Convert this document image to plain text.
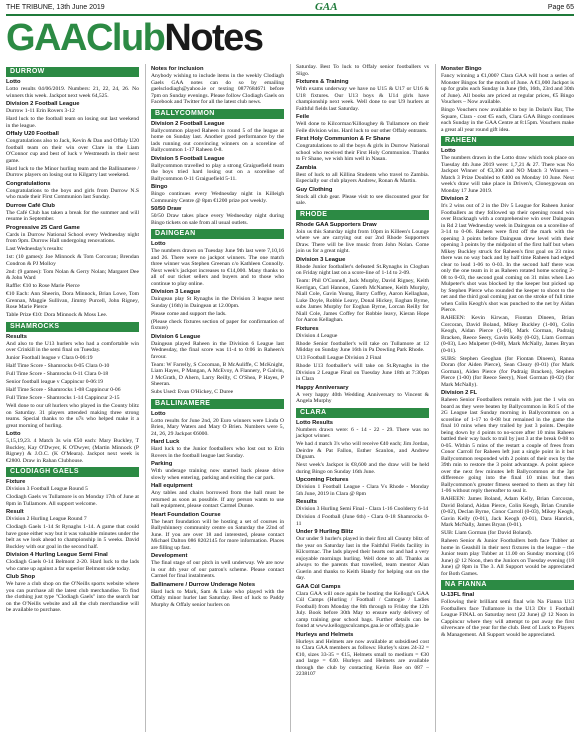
THE TRIBUNE, 13th June 2019	GAA	Page 65
GAAClub Notes
DURROW
Lotto

Lotto results 04/06/2019. Numbers: 21, 22, 24, 26. No winners this week. Jackpot next week 64,525.

Division 2 Football League

Durrow 1-11 Erin Rovers 3-12

Hard luck to the football team on losing out last weekend in the league.

Offaly U20 Football

Congratulations also to Jack, Kevin & Dan and Offaly U20 football team on their win over Clare in the Liam O'Connor cup and best of luck v Westmeath in their next game.

Hard luck to the Minor hurling team and the Ballinamere / Durrow players on losing out to Kilgarry last weekend.

Congratulations

Congratulations to the boys and girls from Durrow N.S who made their First Communion last Sunday.

Durrow Café Club

The Café Club has taken a break for the summer and will resume in September.

Progressive 25 Card Game

Cards in Durrow National School every Wednesday night from 9pm. Durrow Hall undergoing renovations.

Last Wednesday's results:

1st: (10 games): Joe Minnock & Tom Corcoran; Brendan Condron & PJ Molloy

2nd: (9 games): Tom Nolan & Gerry Nolan; Margaret Dee & John Ward

Raffle: €10 to Rose Marie Pierce

€10 Each: Ann Sheerin, Dora Minnock, Brian Lowe, Tom Grennan, Maggie Sullivan, Jimmy Purcell, John Rigney, Rose Marie Pierce

Table Prize €10: Dora Minnock & Moss Lee.

SHAMROCKS
Results

And also to the U13 hurlers who had a comfortable win over Crinkill in the semi final on Tuesday.

Junior Football league v Clara 0-06:19

Half Time Score - Shamrocks 0-05 Clara 0-10

Full Time Score - Shamrocks 0-11 Clara 0-18

Senior football league v Cappincur 0-06:19

Half Time Score - Shamrocks 1-08 Cappincur 0-06

Full Time Score - Shamrocks 1-14 Cappincur 2-15

Well done to our u8 hurlers who played in the County blitz on Saturday. 31 players attended making three strong teams. Special thanks to the u7s who helped make it a great morning of hurling.

Lotto

5,15,19,23. 4 Match 3s win €50 each: Mary Buckley, T Buckley, Kay O'Dwyer, K O'Dwyer, (Martin Minnock (P Rigney) & J.O.C. (K O'Meara). Jackpot next week is €2800. Draw in Rahan Clubhouse.

CLODIAGH GAELS
Fixture

Division 3 Football League Round 5

Clodiagh Gaels vs Tullamore is on Monday 17th of June at 8pm in Tullamore. All support welcome.

Result

Division 2 Hurling League Round 7

Clodiagh Gaels 1-14 St Rynaghs 1-14. A game that could have gone either way but it was valuable minutes under the belt as we look ahead to championship in 5 weeks. David Buckley with our goal in the second half.

Division 4 Hurling League Semi Final

Clodiagh Gaels 0-14 Belmont 2-20. Hard luck to the lads who came up against a far superior Belmont side today.

Club Shop

We have a club shop on the O'Neills sports website where you can purchase all the latest club merchandise. To find the clothing just type "Clodiagh Gaels" into the search bar on the O'Neills website and all the club merchandise will be available to purchase.

Notes for inclusion

Anybody wishing to include items in the weekly Clodiagh Gaels GAA notes can do so by emailing gaelsclodiagh@yahoo.ie or texting 0877684671 before 7pm on Sunday evenings. Please follow Clodiagh Gaels on Facebook and Twitter for all the latest club news.

BALLYCOMMON
Division 2 Football League

Ballycommon played Raheen in round 5 of the league at home on Sunday last. Another good performance by the lads running out convincing winners on a scoreline of Ballycommon 1-17 Raheen 0-8.

Division 5 Football League

Ballycommon travelled to play a strong Graiguefield team the boys tried hard losing out on a scoreline of Ballycommon 0-11 Graiguefield 5-11.

Bingo

Bingo continues every Wednesday night in Killeigh Community Centre @ 8pm €1200 prize pot weekly.

50/50 Draw

50/50 Draw takes place every Wednesday night during Bingo tickets on sale from all usual outlets.

DAINGEAN
Lotto

The numbers drawn on Tuesday June 9th last were 7,10,16 and 26. There were no jackpot winners. The one match three winner was Stephen Greenan c/o Kathleen Connolly. Next week's jackpot increases to €14,000. Many thanks to all of our ticket sellers and buyers and to those who continue to play online.

Division 3 League

Daingean play St Rynaghs in the Division 3 league next Sunday (16th) in Daingean at 12.00pm.

Please come and support the lads.

(Please check fixtures section of paper for confirmation of fixture)

Division 6 League

Daingean played Raheen in the Division 6 League last Wednesday, the final score was 11-4 to 0:06 in Raheen's favour.

Team: W Farrelly, S Cocoman, B McAuliffe, C McKnight, Liam Hayes, P Mangan, A McEvoy, A Flannery, P Galvin, J McGrath, D Ahern, Larry Reilly, C O'Shea, P Hayes, P Sheeran.

Subs Used: Evan O'Hickey, C Duree

BALLINAMERE
Lotto

Lotto results for June 2nd, 20 Euro winners were Linda O Brien, Mary Waters and Mary O Brien. Numbers were 5, 24, 26, 29 Jackpot €6000.

Hard Luck

Hard luck to the Junior footballers who lost out to Erin Rovers in the football league last Sunday.

Parking

With underage training now started back please drive slowly when entering, parking and exiting the car park.

Hall equipment

Any tables and chairs borrowed from the hall must be returned as soon as possible. If any person wants to use hall equipment, please contact Carmel Dunne.

Heart Foundation Course

The heart foundation will be hosting a set of courses in Ballyshinnery community centre on Saturday the 22nd of June. If you are over 18 and interested, please contact Michael Dalton 086 8202145 for more information. Places are filling up fast.

Development

The final stage of our pitch in well underway. We are now in our 4th year of our patron's scheme. Please contact Carmel for final instalments.

Ballinamere / Durrow Underage Notes

Hard luck to Mark, Sam & Luke who played with the Offaly minor hurler last Saturday. Best of luck to Paddy Murphy & Offaly senior hurlers on

Saturday. Best To luck to Offaly senior footballers vs Sligo.

Fixtures & Training

With exams underway we have no U15 & U17 or U16 & U18 fixtures. Our U13 boys & U14 girls have championship next week. Well done to our U9 hurlers at Faithful fields last Saturday.

Feile

Well done to Kilcormac/Killoughey & Tullamore on their Feile division wins. Hard luck to our other Offaly entrants.

First Holy Communion & Fr Shane

Congratulations to all the boys & girls in Durrow National school who received their First Holy Communion. Thanks to Fr Shane, we wish him well in Nasan.

Zambia

Best of luck to all Killina Students who travel to Zambia. Especially our club players Andrew, Ronan & Martin.

Guy Clothing

Stock all club gear. Please visit to see discounted gear for sale.

RHODE
Rhode GAA Supporters Draw

Join us this Saturday night from 10pm in Killeen's Lounge where we are carrying out our 2nd Rhode Supporters Draw. There will be live music from John Nolan. Come join us for a great night.

Division 3 League

Rhode Junior footballer's defeated St.Rynaghs in Cloghan on Friday night last on a score-line of 1-14 to 2-09.

Team: Phil O'Connell, Jack Murphy, David Rigney, Keith Kerrigan, Carl Hannon, Gareth McNamee, Keith Murphy, Niall Cole, Gavin Young, Barry Coffey, Aaron Kellaghan, Luke Doyle, Robbie Leavy, Donal Hickey, Eoghan Byrne, subs James Murphy for Eoghan Byrne, Lorcan Reilly for Niall Cole, James Coffey for Robbie leavy, Kieran Hope for Aaron Kellaghan.

Fixtures

Division 4 League

Rhode Senior footballer's will take on Tullamore at 12 Midday on Sunday June 16th in Pa Dowling Park Rhode.

U13 Football League Division 2 Final

Rhode U13 footballer's will take on St.Rynaghs in the Division 2 League Final on Tuesday June 18th at 7:30pm in Clara

Happy Anniversary

A very happy 40th Wedding Anniversary to Vincent & Angela Murphy

CLARA
Lotto Results

Numbers drawn were: 6 - 14 - 22 - 29. There was no jackpot winner.

We had 4 match 3's who will receive €40 each; Jim Jordan, Deirdre & Pat Fallon, Esther Scanlon, and Andrew Dignam.

Next week's Jackpot is €8,600 and the draw will be held during Bingo on Sunday 16th June.

Upcoming Fixtures

Division 1 Football League - Clara Vs Rhode - Monday 5th June, 2019 in Clara @ 8pm

Results

Division 3 Hurling Semi Final - Clara 1-16 Coolderry 6-14

Division 4 Football (June 6th) - Clara 0-18 Shamrocks 0-11

Under 9 Hurling Blitz

Our under 9 hurler's played in their first all County blitz of the year on Saturday last in the Faithful Fields facility in Kilcormac. The lads played their hearts out and had a very enjoyable mornings hurling. Well done to all. Thanks as always to the parents that travelled, team mentor Alan Guerin and thanks to Keith Handy for helping out on the day.

GAA Cúl Camps

Clara GAA will once again be hosting the Kellogg's GAA Cúl Camps (Hurling / Football / Camogie / Ladies Football) from Monday the 8th through to Friday the 12th July. Book before 30th May to ensure early delivery of camp training gear school bags. Further details can be found at www.kelloggsculcamps.gaa.ie or offaly.gaa.ie

Hurleys and Helmets

Hurleys and Helmets are now available at subsidised cost to Clara GAA members as follows: Hurley's sizes 24-32 = €10, sizes 33-35 = €15, Helmets small to medium = €30 and large = €40. Hurleys and Helmets are available through the club by contacting Kevin Roe on 087 – 2238107

Monster Bingo

Fancy winning a €1,000? Clara GAA will host a series of Monster Bingos for the month of June. A €1,000 Jackpot is up for grabs each Sunday in June (9th, 16th, 23rd and 30th of June). All books are priced at regular prices, €5 Bingo Vouchers – Now available.

Bingo Vouchers now available to buy in Dolan's Bar, The Square, Clara - cost €5 each, Clara GAA Bingo continues each Sunday in the GAA Centre at 8:15pm. Vouchers make a great all year round gift idea.

RAHEEN
Lotto

The numbers drawn in the Lotto draw which took place on Tuesday 4th June 2019 were: 1,7,21 & 27. There was No Jackpot Winner of €3,300 and NO Match 3 Winners – Match 3 Prize Doubled to €400 on Monday 10 June. Next week's draw will take place in Driven's, Cloneygowan on Monday 17 June 2019.

Division 2

It's 2 wins out of 2 in the Div 5 League for Raheen Junior Footballers as they followed up their opening round win over Bracknagh with a comprehensive win over Daingean in Rd 2 last Wednesday week in Daingean on a scoreline of 3-14 to 0-06. Raheen were first off the mark with the opening 3 points before Daingean drew level with their opening 3 points by the midpoint of the first half but when Mikey Buckley struck for Raheen's first goal on 23 mins there was no way back and by half time Raheen had edged clear to lead 1-06 to 0-03. In the second half there was only the one team in it as Raheen rotated home scoring 2-08 to 0-03, the second goal coming on 31 mins when Leo Mulpeter's shot was blocked by the keeper but picked up by Stephen Pierce who rounded the keeper to shoot to the net and the third goal coming just on the stroke of full time when Colin Keogh's shot was punched to the net by Aidan Pierce.

RAHEEN: Kevin Kirwan, Fiontan Dineen, Brian Corcoran, David Boland, Mikey Buckley (1-00), Colin Keogh, Aidan Pierce (1-00), Mark Gorman, Padraig Bracken, Reece Seery, Gavin Kelly (0-02), Liam Gorman (0-03), Leo Mulpeter (0-08), Mark McNally, James Bryan (0-01).

SUBS: Stephen Geoghan (for Fiontan Dineen), Ranna Doran (for Aiden Pierce), Sean Cleary (0-01) (for Mark Gorman), Aiden Pierce (for Padraig Bracken), Stephen Pierce (1-00) (for Reece Seery), Noel Gorman (0-02) (for Mark McNally).

Division 2 FL

Raheen Senior Footballers remain with just the 1 win on board as they were beaten by Ballycommon in Rd 5 of the 2G League last Sunday morning in Ballycommon on a scoreline of 1-17 to 0-08 but remained in the game the final 10 mins when they trailed by just 3 points. Despite being down by 4 points to no-score after 10 mins Raheen battled their way back to trail by just 3 at the break 0-08 to 0-05. Within 5 mins of the restart a couple of frees from Conor Carroll for Raheen left just a single point in it but Ballycommon responded with 2 points of their own by the 39th min to restore the 3 point advantage. A point apiece over the next few minutes left Ballycommon at the 3pt difference going into the final 10 mins but then Ballycommon's greater fitness seemed to them as they hit 1-06 without reply thereafter to seal it.

RAHEEN: James Boland, Adam Kelly, Brian Corcoran, David Boland, Aidan Pierce, Colin Keogh, Brian Crumlie (0-02), Declan Byrne, Conor Carroll (0-03), Mikey Keogh, Gavin Kelly (0-01), Jack Keogh (0-01), Dara Hanrick, Mark McNally, James Bryan (0-01).

SUB: Liam Gorman (for David Boland).

Raheen Senior & Junior Footballers both face Tubber at home in Geashill in their next fixtures in the league – the Junior team play Tubber at 11.00 on Sunday morning (16 June) @ 12 Noon, then the Juniors on Tuesday evening (18 June) @ 8pm in The 3. All Support would be appreciated for Both Games.

NA FIANNA
U-13FL final

Following their brilliant semi final win Na Fianna U13 Footballers face Tullamore in the U13 Div 1 Football League FINAL on Saturday next (22 June) @ 12 Noon in Cappincur where they will attempt to put away the first silverware of the year for the club. Best of Luck to Players & Management. All Support would be appreciated.
